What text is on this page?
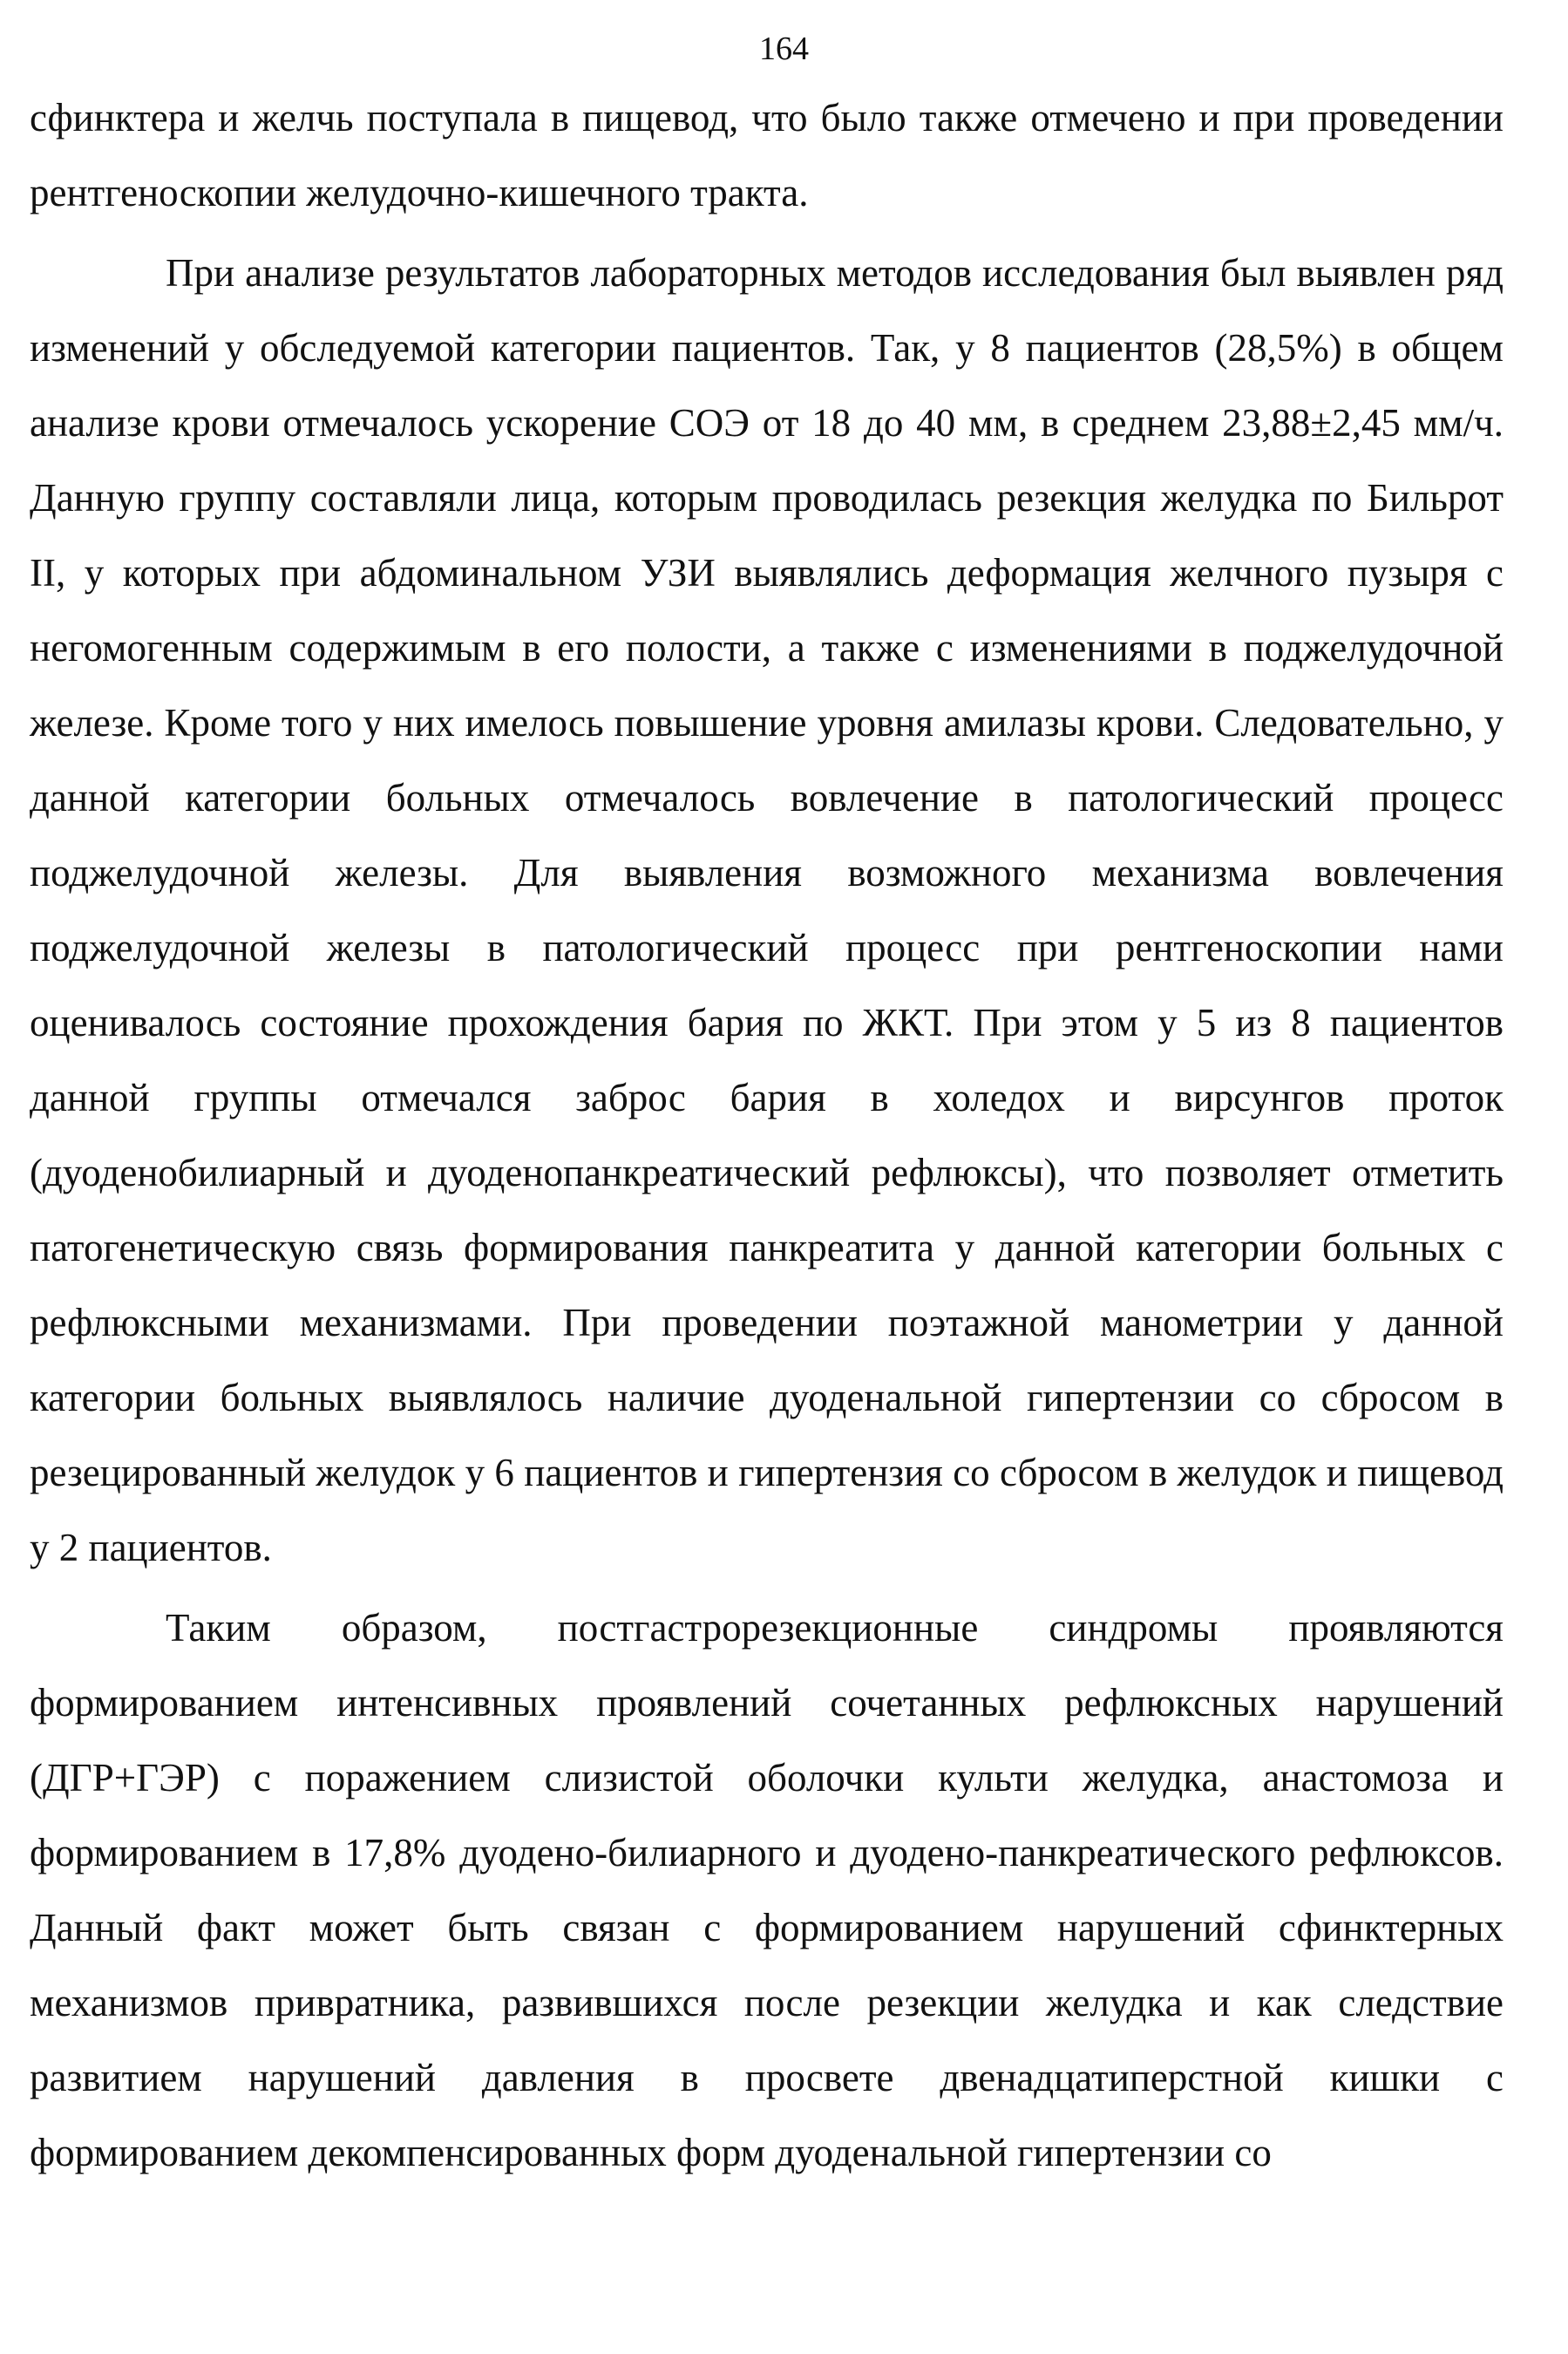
164

сфинктера и желчь поступала в пищевод, что было также отмечено и при проведении рентгеноскопии желудочно-кишечного тракта.

При анализе результатов лабораторных методов исследования был выявлен ряд изменений у обследуемой категории пациентов. Так, у 8 пациентов (28,5%) в общем анализе крови отмечалось ускорение СОЭ от 18 до 40 мм, в среднем 23,88±2,45 мм/ч. Данную группу составляли лица, которым проводилась резекция желудка по Бильрот II, у которых при абдоминальном УЗИ выявлялись деформация желчного пузыря с негомогенным содержимым в его полости, а также с изменениями в поджелудочной железе. Кроме того у них имелось повышение уровня амилазы крови. Следовательно, у данной категории больных отмечалось вовлечение в патологический процесс поджелудочной железы. Для выявления возможного механизма вовлечения поджелудочной железы в патологический процесс при рентгеноскопии нами оценивалось состояние прохождения бария по ЖКТ. При этом у 5 из 8 пациентов данной группы отмечался заброс бария в холедох и вирсунгов проток (дуоденобилиарный и дуоденопанкреатический рефлюксы), что позволяет отметить патогенетическую связь формирования панкреатита у данной категории больных с рефлюксными механизмами. При проведении поэтажной манометрии у данной категории больных выявлялось наличие дуоденальной гипертензии со сбросом в резецированный желудок у 6 пациентов и гипертензия со сбросом в желудок и пищевод у 2 пациентов.

Таким образом, постгастрорезекционные синдромы проявляются формированием интенсивных проявлений сочетанных рефлюксных нарушений (ДГР+ГЭР) с поражением слизистой оболочки культи желудка, анастомоза и формированием в 17,8% дуодено-билиарного и дуодено-панкреатического рефлюксов. Данный факт может быть связан с формированием нарушений сфинктерных механизмов привратника, развившихся после резекции желудка и как следствие развитием нарушений давления в просвете двенадцатиперстной кишки с формированием декомпенсированных форм дуоденальной гипертензии со
